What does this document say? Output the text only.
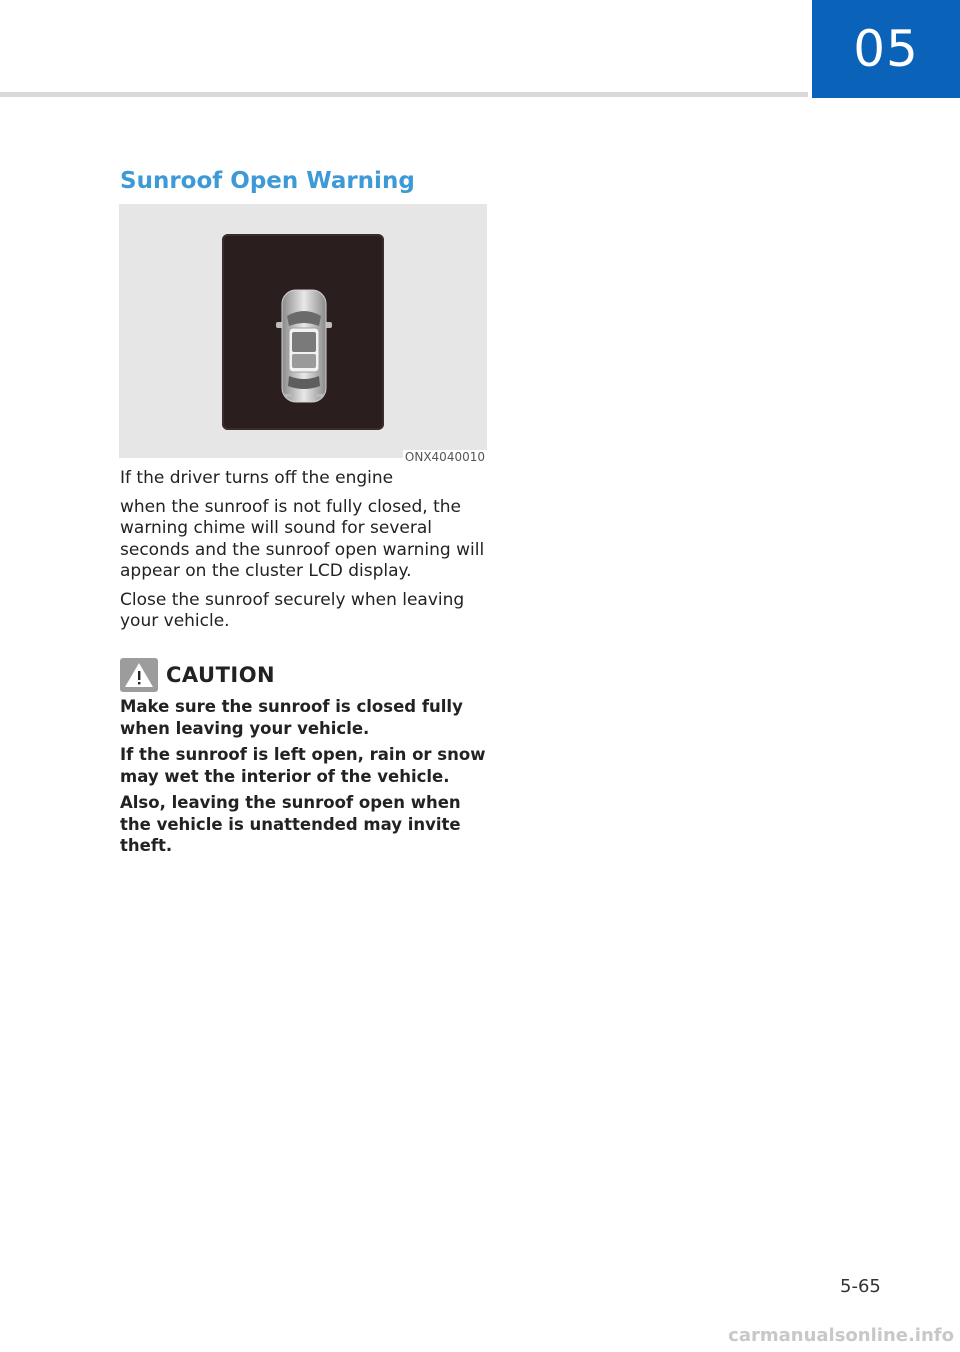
05
Sunroof Open Warning
ONX4040010

If the driver turns off the engine

when the sunroof is not fully closed, the warning chime will sound for several seconds and the sunroof open warning will appear on the cluster LCD display.

Close the sunroof securely when leaving your vehicle.

CAUTION

Make sure the sunroof is closed fully when leaving your vehicle.

If the sunroof is left open, rain or snow may wet the interior of the vehicle.

Also, leaving the sunroof open when the vehicle is unattended may invite theft.

5-65
carmanualsonline.info
